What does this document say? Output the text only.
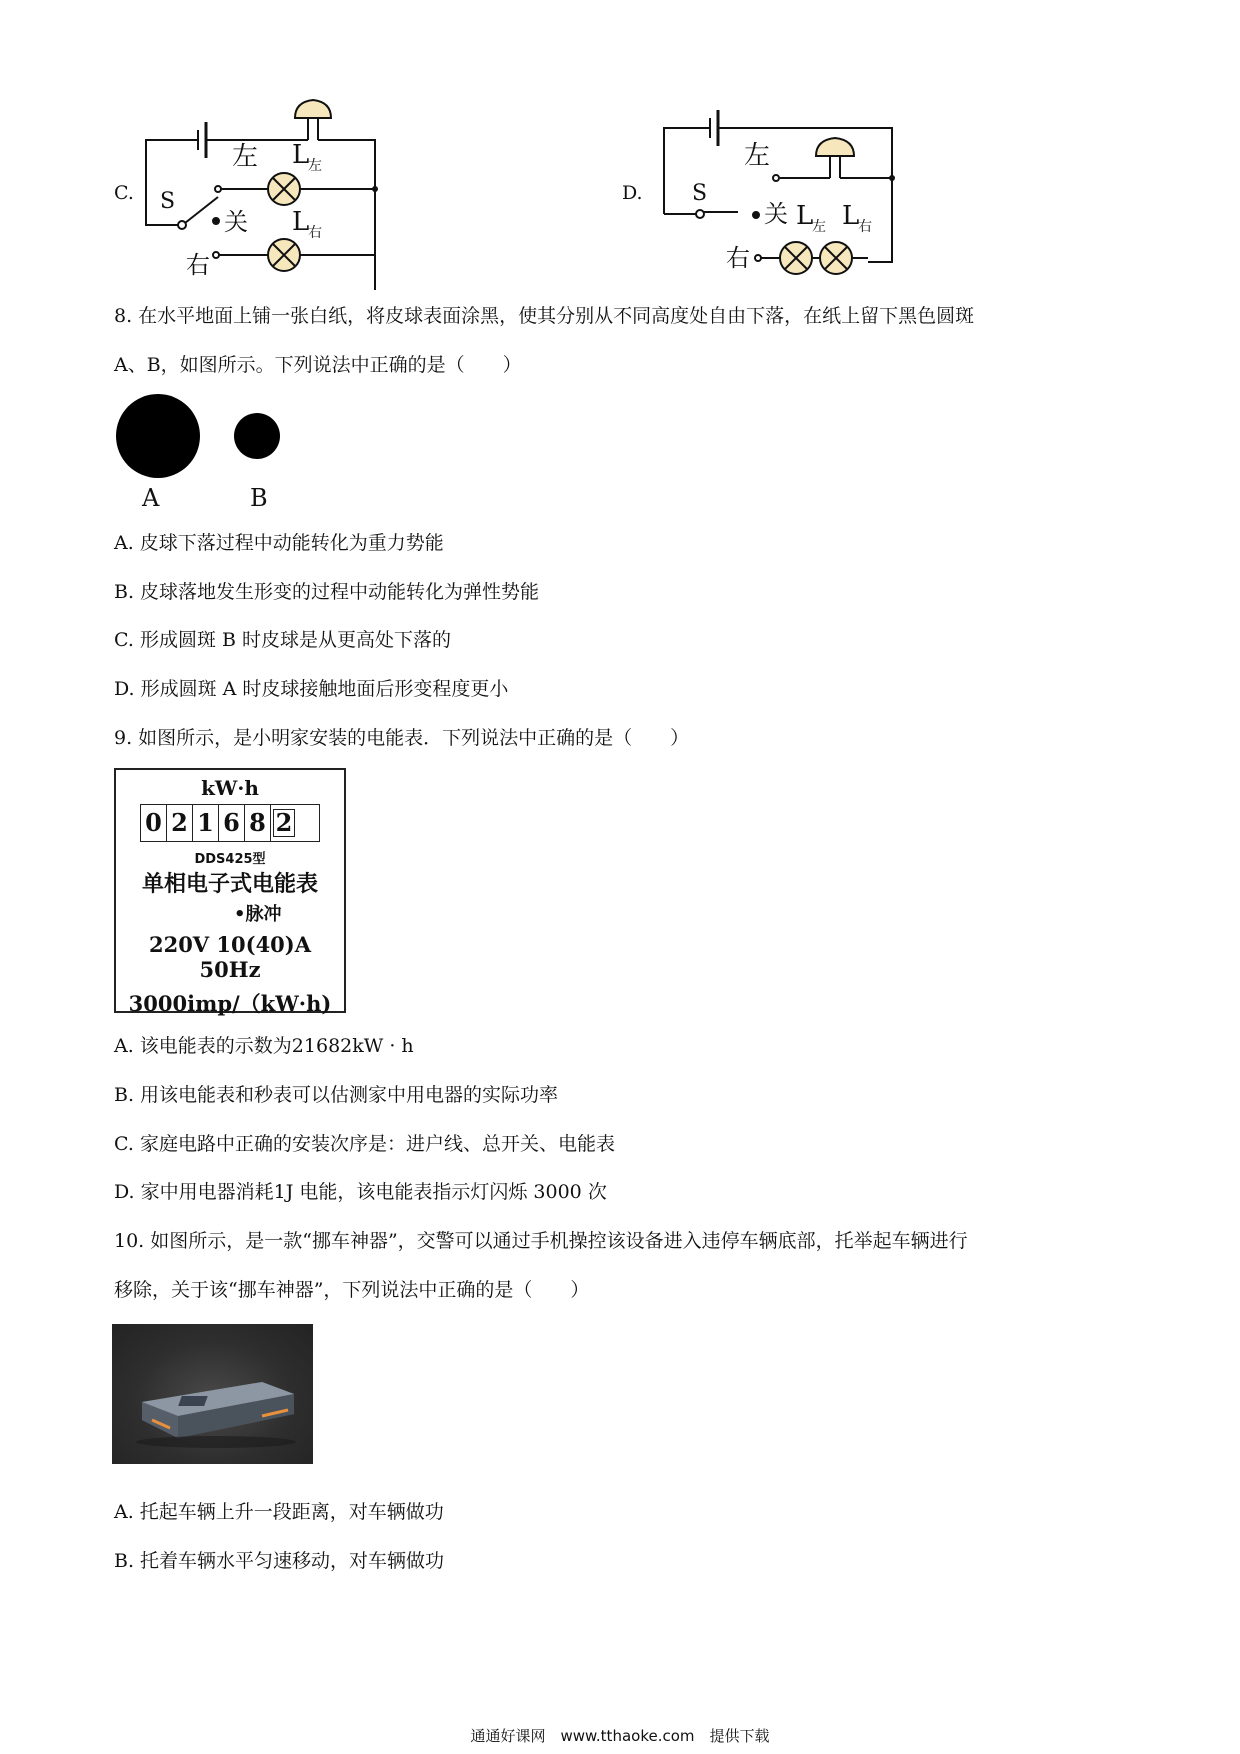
C.
左
S
关
右
L
左
L
右
D.
左
S
关
右
L
左 L
右
8. 在水平地面上铺一张白纸，将皮球表面涂黑，使其分别从不同高度处自由下落，在纸上留下黑色圆斑
A、B，如图所示。下列说法中正确的是（　　）
A	B
A. 皮球下落过程中动能转化为重力势能
B. 皮球落地发生形变的过程中动能转化为弹性势能
C. 形成圆斑 B 时皮球是从更高处下落的
D. 形成圆斑 A 时皮球接触地面后形变程度更小
9. 如图所示，是小明家安装的电能表．下列说法中正确的是（　　）
kW·h
0 2 1 6 8 2
DDS425型
单相电子式电能表
•脉冲
220V 10(40)A 50Hz
3000imp/（kW·h)
A. 该电能表的示数为21682kW · h
B. 用该电能表和秒表可以估测家中用电器的实际功率
C. 家庭电路中正确的安装次序是：进户线、总开关、电能表
D. 家中用电器消耗1J 电能，该电能表指示灯闪烁 3000 次
10. 如图所示，是一款“挪车神器”，交警可以通过手机操控该设备进入违停车辆底部，托举起车辆进行
移除，关于该“挪车神器”，下列说法中正确的是（　　）
A. 托起车辆上升一段距离，对车辆做功
B. 托着车辆水平匀速移动，对车辆做功
通通好课网　www.tthaoke.com　提供下载
